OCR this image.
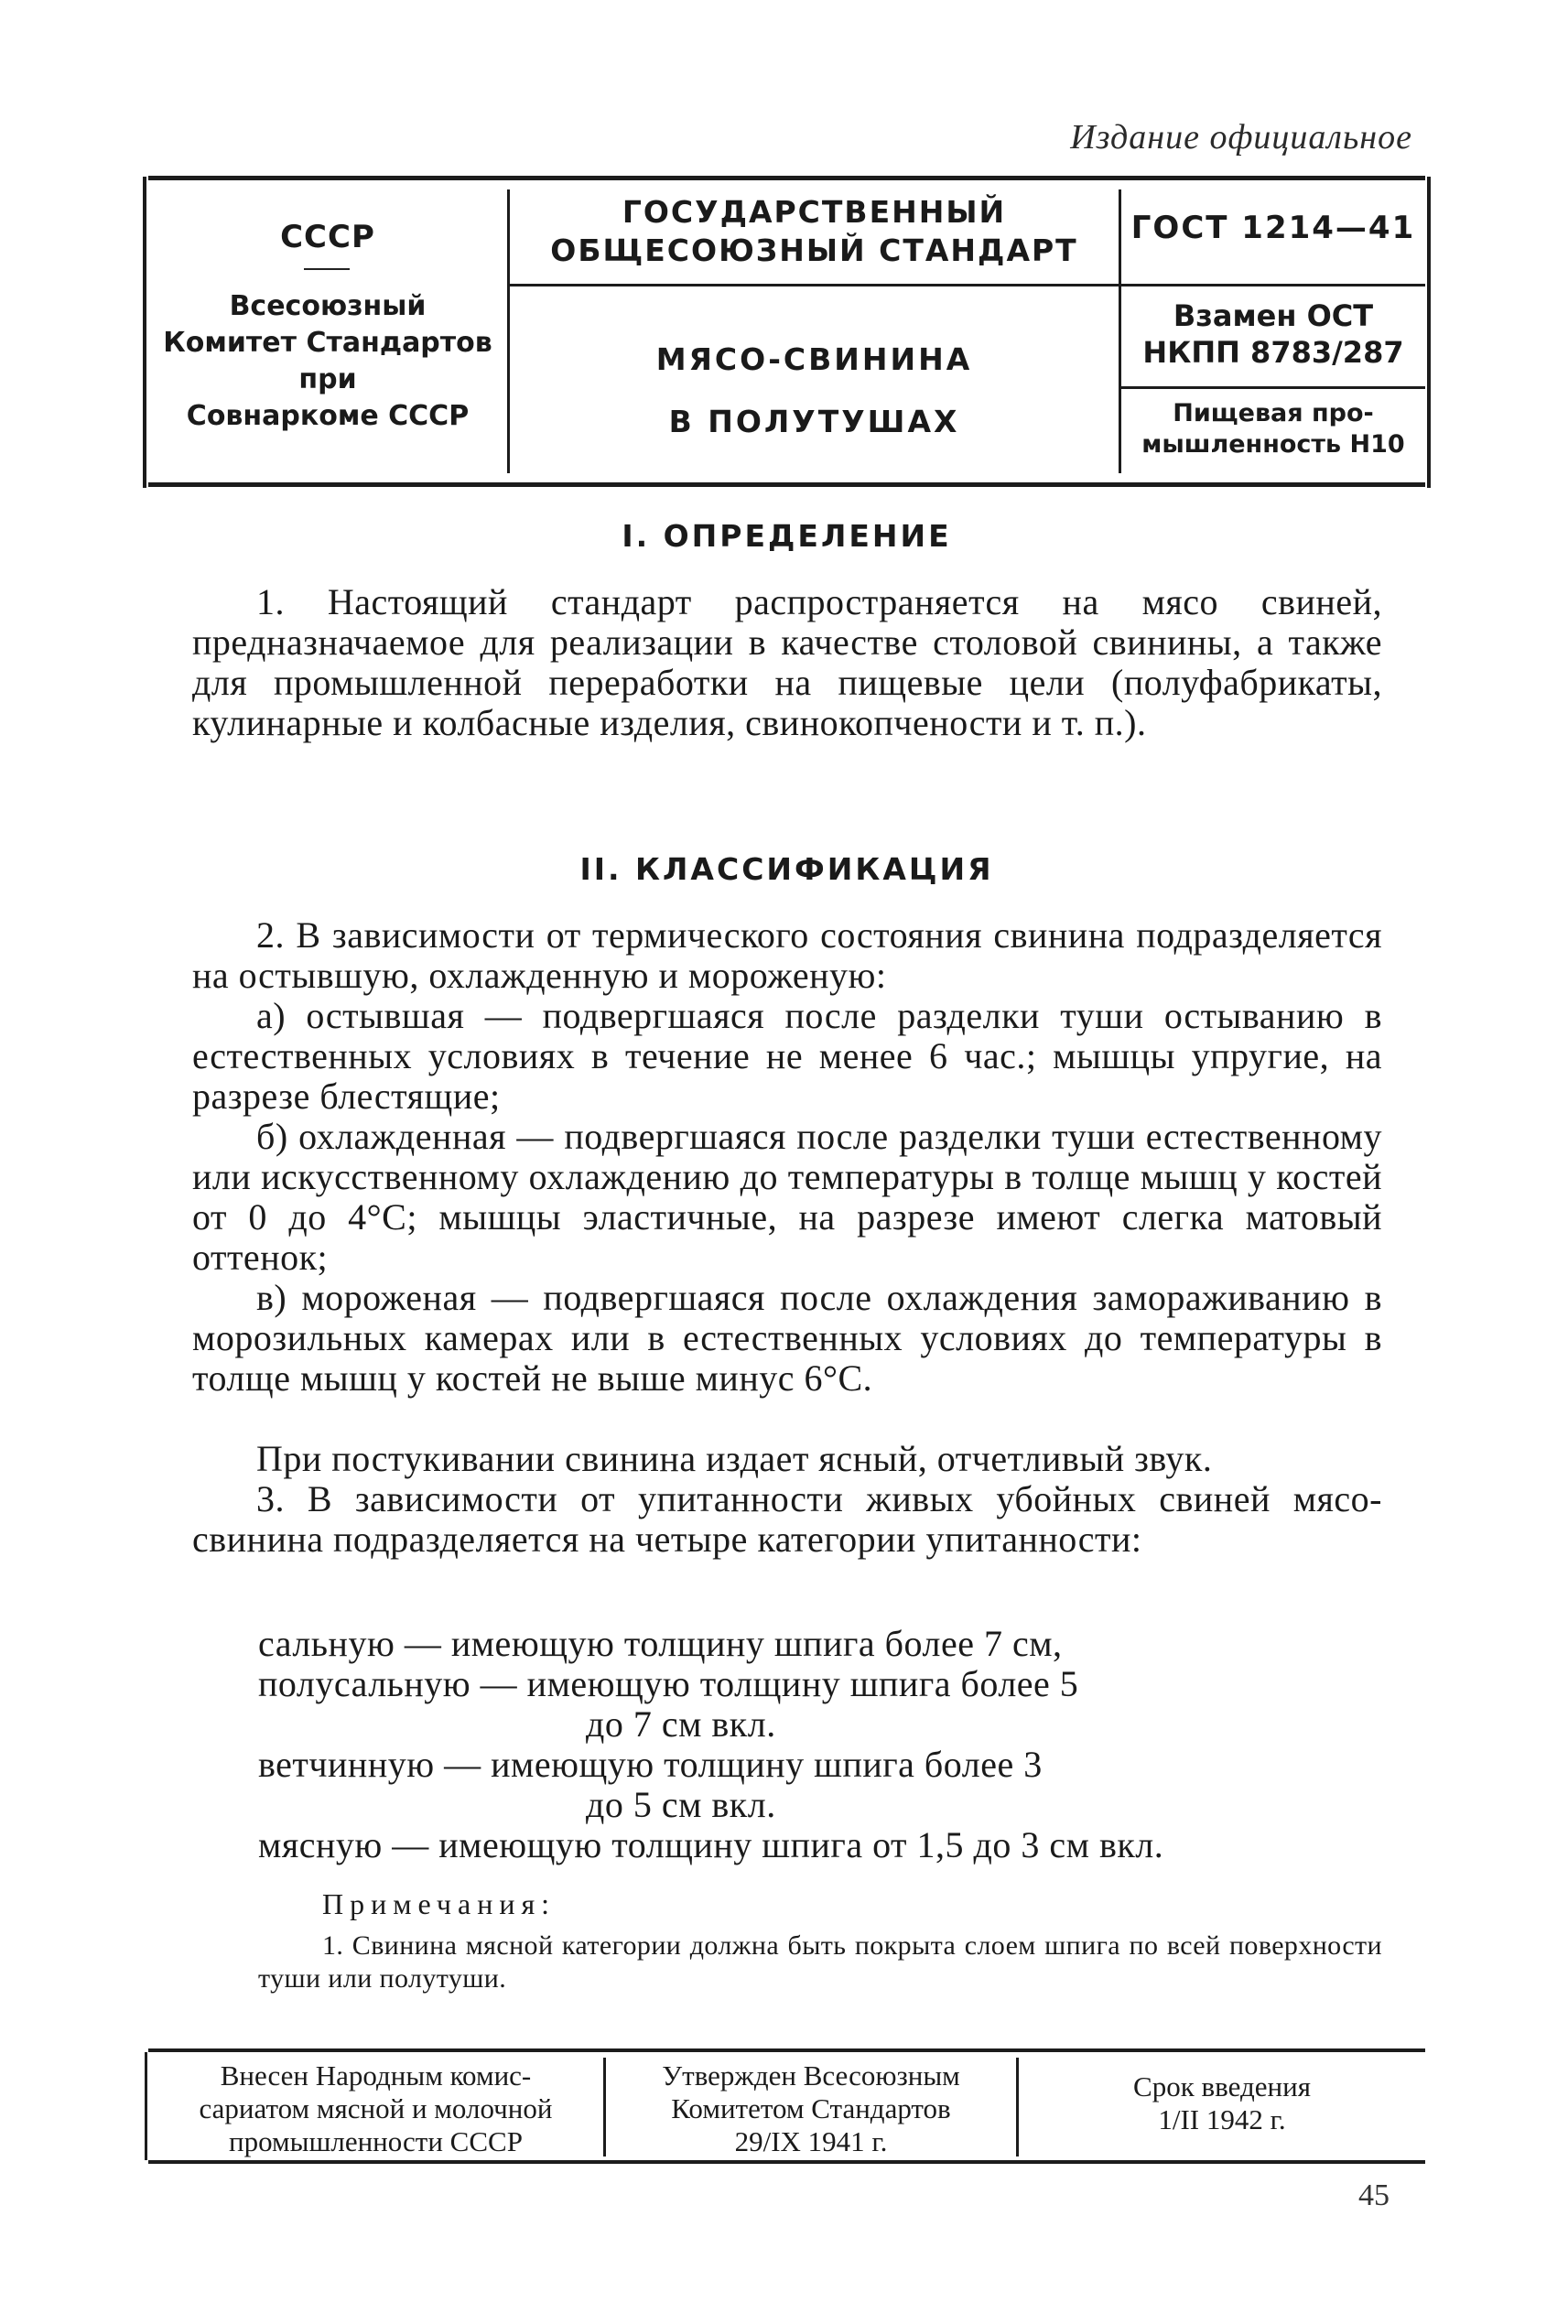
Издание официальное
СССР
Всесоюзный
Комитет Стандартов
при
Совнаркоме СССР
ГОСУДАРСТВЕННЫЙ
ОБЩЕСОЮЗНЫЙ СТАНДАРТ
МЯСО-СВИНИНА
В ПОЛУТУШАХ
ГОСТ 1214—41
Взамен ОСТ
НКПП 8783/287
Пищевая про-
мышленность Н10
I. ОПРЕДЕЛЕНИЕ
1. Настоящий стандарт распространяется на мясо свиней, предназначаемое для реализации в качестве столовой свинины, а также для промышленной переработки на пищевые цели (полуфабрикаты, кулинарные и колбасные изделия, свинокопчености и т. п.).
II. КЛАССИФИКАЦИЯ
2. В зависимости от термического состояния свинина подразделяется на остывшую, охлажденную и мороженую:
а) остывшая — подвергшаяся после разделки туши остыванию в естественных условиях в течение не менее 6 час.; мышцы упругие, на разрезе блестящие;
б) охлажденная — подвергшаяся после разделки туши естественному или искусственному охлаждению до температуры в толще мышц у костей от 0 до 4°С; мышцы эластичные, на разрезе имеют слегка матовый оттенок;
в) мороженая — подвергшаяся после охлаждения замораживанию в морозильных камерах или в естественных условиях до температуры в толще мышц у костей не выше минус 6°С.
При постукивании свинина издает ясный, отчетливый звук.
3. В зависимости от упитанности живых убойных свиней мясо-свинина подразделяется на четыре категории упитанности:
сальную — имеющую толщину шпига более 7 см,
полусальную — имеющую толщину шпига более 5
до 7 см вкл.
ветчинную — имеющую толщину шпига более 3
до 5 см вкл.
мясную — имеющую толщину шпига от 1,5 до 3 см вкл.
Примечания:
1. Свинина мясной категории должна быть покрыта слоем шпига по всей поверхности туши или полутуши.
Внесен Народным комис-
сариатом мясной и молочной
промышленности СССР
Утвержден Всесоюзным
Комитетом Стандартов
29/IX 1941 г.
Срок введения
1/II 1942 г.
45
